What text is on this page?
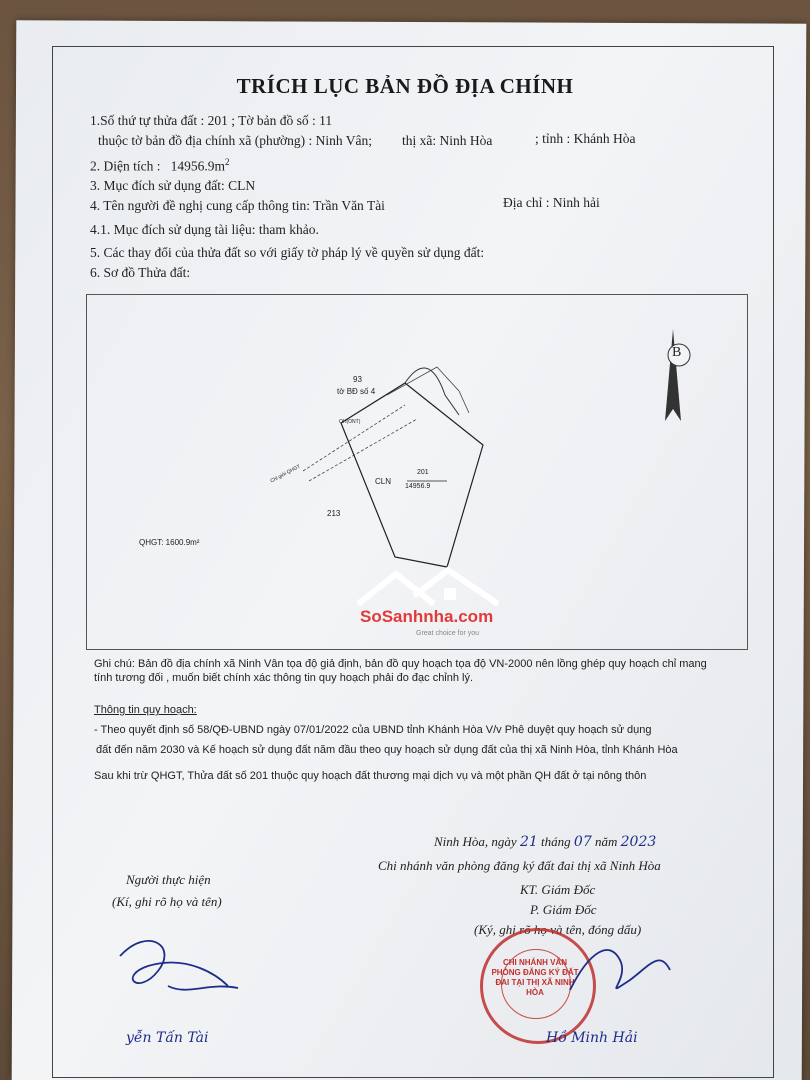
TRÍCH LỤC BẢN ĐỒ ĐỊA CHÍNH
1.Số thứ tự thửa đất : 201 ; Tờ bản đồ số : 11
thuộc tờ bản đồ địa chính xã (phường) : Ninh Vân; thị xã: Ninh Hòa	; tỉnh : Khánh Hòa
2. Diện tích : $14956.9m^2$
3. Mục đích sử dụng đất: CLN
4. Tên người đề nghị cung cấp thông tin: Trần Văn Tài	Địa chỉ : Ninh hải
4.1. Mục đích sử dụng tài liệu: tham khảo.
5. Các thay đổi của thửa đất so với giấy tờ pháp lý về quyền sử dụng đất:
6. Sơ đồ Thửa đất:
B
93
tờ BĐ số 4
QH(ONT)
Chỉ giới QHGT	CLN
201
14956.9
213
QHGT: 1600.9m²
SoSanhnha.com
Great choice for you
Ghi chú: Bản đồ địa chính xã Ninh Vân tọa độ giả định, bản đồ quy hoạch tọa độ VN-2000 nên lồng ghép quy hoạch chỉ mang
tính tương đối , muốn biết chính xác thông tin quy hoạch phải đo đạc chỉnh lý.
Thông tin quy hoạch:
- Theo quyết định số 58/QĐ-UBND ngày 07/01/2022 của UBND tỉnh Khánh Hòa V/v Phê duyệt quy hoạch sử dụng
đất đến năm 2030 và Kế hoạch sử dụng đất năm đầu theo quy hoạch sử dụng đất của thị xã Ninh Hòa, tỉnh Khánh Hòa
Sau khi trừ QHGT, Thửa đất số 201 thuộc quy hoạch đất thương mại dịch vụ và một phần QH đất ở tại nông thôn
Ninh Hòa, ngày 21 tháng 07 năm 2023
Chi nhánh văn phòng đăng ký đất đai thị xã Ninh Hòa
KT. Giám Đốc
P. Giám Đốc
(Ký, ghi rõ họ và tên, đóng dấu)
Người thực hiện
(Kí, ghi rõ họ và tên)
yễn Tấn Tài
CHI NHÁNH VĂN PHÒNG ĐĂNG KÝ ĐẤT ĐAI TẠI THỊ XÃ NINH HÒA
Hồ Minh Hải
